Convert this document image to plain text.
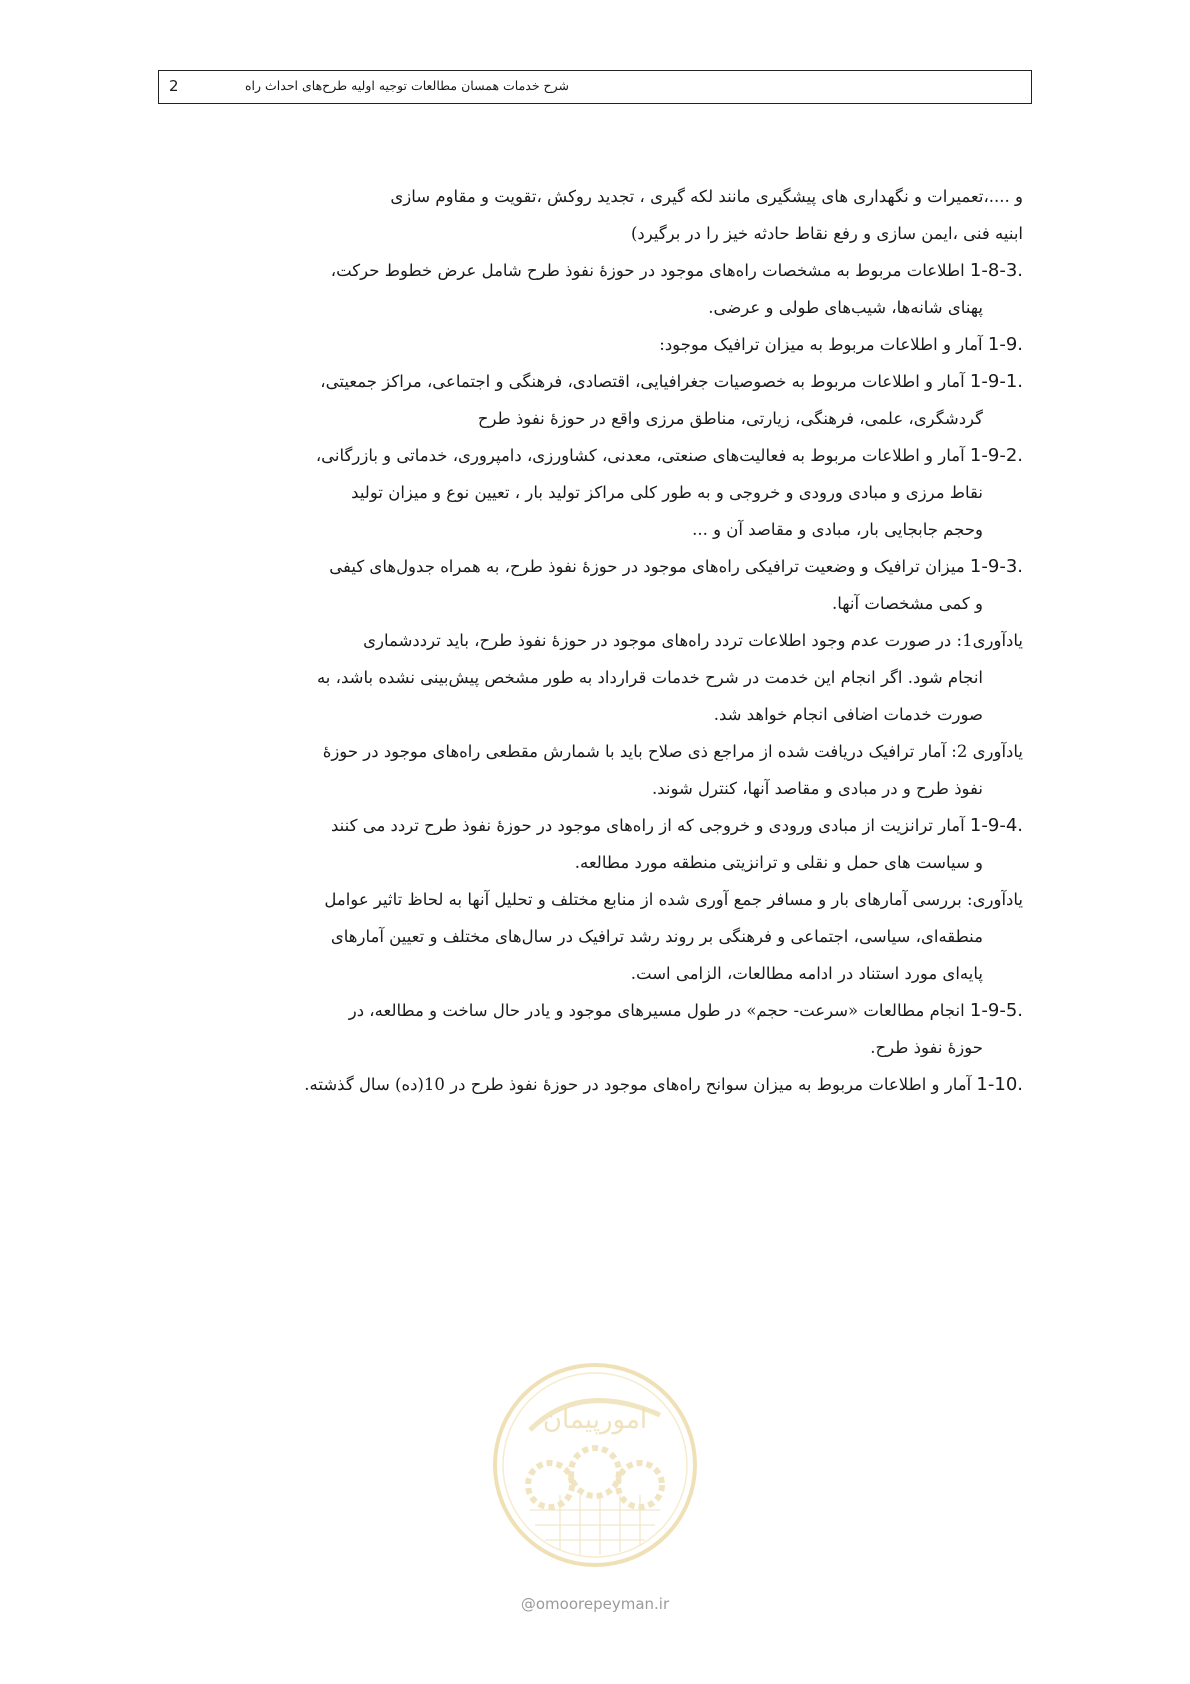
شرح خدمات همسان مطالعات توجیه اولیه طرح‌های احداث راه
2
و ....،تعمیرات و نگهداری های پیشگیری مانند لکه گیری ، تجدید روکش ،تقویت و مقاوم سازی
ابنیه فنی ،ایمن سازی و رفع نقاط حادثه خیز را در برگیرد)
1-8-3. اطلاعات مربوط به مشخصات راه‌های موجود در حوزهٔ نفوذ طرح شامل عرض خطوط حرکت،
پهنای شانه‌ها، شیب‌های طولی و عرضی.
1-9. آمار و اطلاعات مربوط به میزان ترافیک موجود:
1-9-1. آمار و اطلاعات مربوط به خصوصیات جغرافیایی، اقتصادی، فرهنگی و اجتماعی، مراکز جمعیتی،
گردشگری، علمی، فرهنگی، زیارتی، مناطق مرزی واقع در حوزهٔ نفوذ طرح
1-9-2. آمار و اطلاعات مربوط به فعالیت‌های صنعتی، معدنی، کشاورزی، دامپروری، خدماتی و بازرگانی،
نقاط مرزی و مبادی ورودی و خروجی و به طور کلی مراکز تولید بار ، تعیین نوع و میزان تولید
وحجم جابجایی بار، مبادی و مقاصد آن و ...
1-9-3. میزان ترافیک و وضعیت ترافیکی راه‌های موجود در حوزهٔ نفوذ طرح، به همراه جدول‌های کیفی
و کمی مشخصات آنها.
یادآوری1: در صورت عدم وجود اطلاعات تردد راه‌های موجود در حوزهٔ نفوذ طرح، باید ترددشماری
انجام شود. اگر انجام این خدمت در شرح خدمات قرارداد به طور مشخص پیش‌بینی نشده باشد، به
صورت خدمات اضافی انجام خواهد شد.
یادآوری 2: آمار ترافیک دریافت شده از مراجع ذی صلاح باید با شمارش مقطعی راه‌های موجود در حوزهٔ
نفوذ طرح و در مبادی و مقاصد آنها، کنترل شوند.
1-9-4. آمار ترانزیت از مبادی ورودی و خروجی که از راه‌های موجود در حوزهٔ نفوذ طرح تردد می کنند
و سیاست های حمل و نقلی و ترانزیتی منطقه مورد مطالعه.
یادآوری: بررسی آمارهای بار و مسافر جمع آوری شده از منابع مختلف و تحلیل آنها به لحاظ تاثیر عوامل
منطقه‌ای، سیاسی، اجتماعی و فرهنگی بر روند رشد ترافیک در سال‌های مختلف و تعیین آمارهای
پایه‌ای مورد استناد در ادامه مطالعات، الزامی است.
1-9-5. انجام مطالعات «سرعت- حجم» در طول مسیرهای موجود و یادر حال ساخت و مطالعه، در
حوزهٔ نفوذ طرح.
1-10. آمار و اطلاعات مربوط به میزان سوانح راه‌های موجود در حوزهٔ نفوذ طرح در 10(ده) سال گذشته.
امورپیمان
@omoorepeyman.ir
